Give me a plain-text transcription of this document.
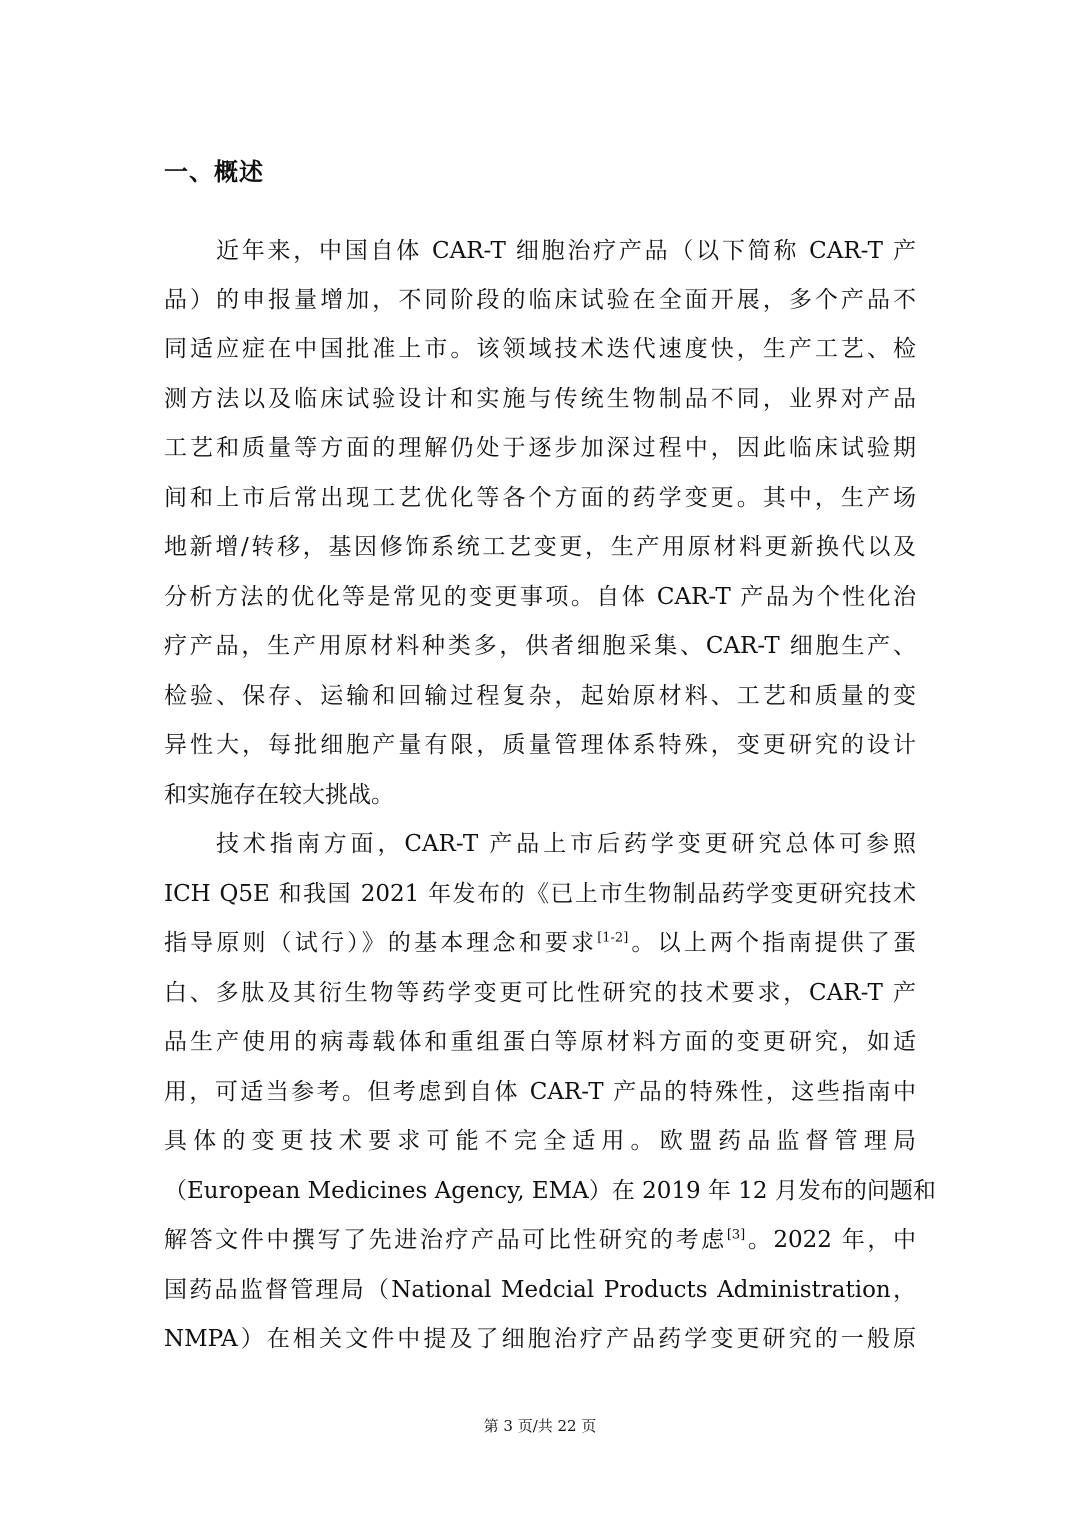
一、概述
近年来，中国自体 CAR-T 细胞治疗产品（以下简称 CAR-T 产
品）的申报量增加，不同阶段的临床试验在全面开展，多个产品不
同适应症在中国批准上市。该领域技术迭代速度快，生产工艺、检
测方法以及临床试验设计和实施与传统生物制品不同，业界对产品
工艺和质量等方面的理解仍处于逐步加深过程中，因此临床试验期
间和上市后常出现工艺优化等各个方面的药学变更。其中，生产场
地新增/转移，基因修饰系统工艺变更，生产用原材料更新换代以及
分析方法的优化等是常见的变更事项。自体 CAR-T 产品为个性化治
疗产品，生产用原材料种类多，供者细胞采集、CAR-T 细胞生产、
检验、保存、运输和回输过程复杂，起始原材料、工艺和质量的变
异性大，每批细胞产量有限，质量管理体系特殊，变更研究的设计
和实施存在较大挑战。
技术指南方面，CAR-T 产品上市后药学变更研究总体可参照
ICH Q5E 和我国 2021 年发布的《已上市生物制品药学变更研究技术
指导原则（试行）》的基本理念和要求[1-2]。以上两个指南提供了蛋
白、多肽及其衍生物等药学变更可比性研究的技术要求，CAR-T 产
品生产使用的病毒载体和重组蛋白等原材料方面的变更研究，如适
用，可适当参考。但考虑到自体 CAR-T 产品的特殊性，这些指南中
具体的变更技术要求可能不完全适用。欧盟药品监督管理局
（European Medicines Agency, EMA）在 2019 年 12 月发布的问题和
解答文件中撰写了先进治疗产品可比性研究的考虑[3]。2022 年，中
国药品监督管理局（National Medcial Products Administration，
NMPA）在相关文件中提及了细胞治疗产品药学变更研究的一般原
第 3 页/共 22 页
